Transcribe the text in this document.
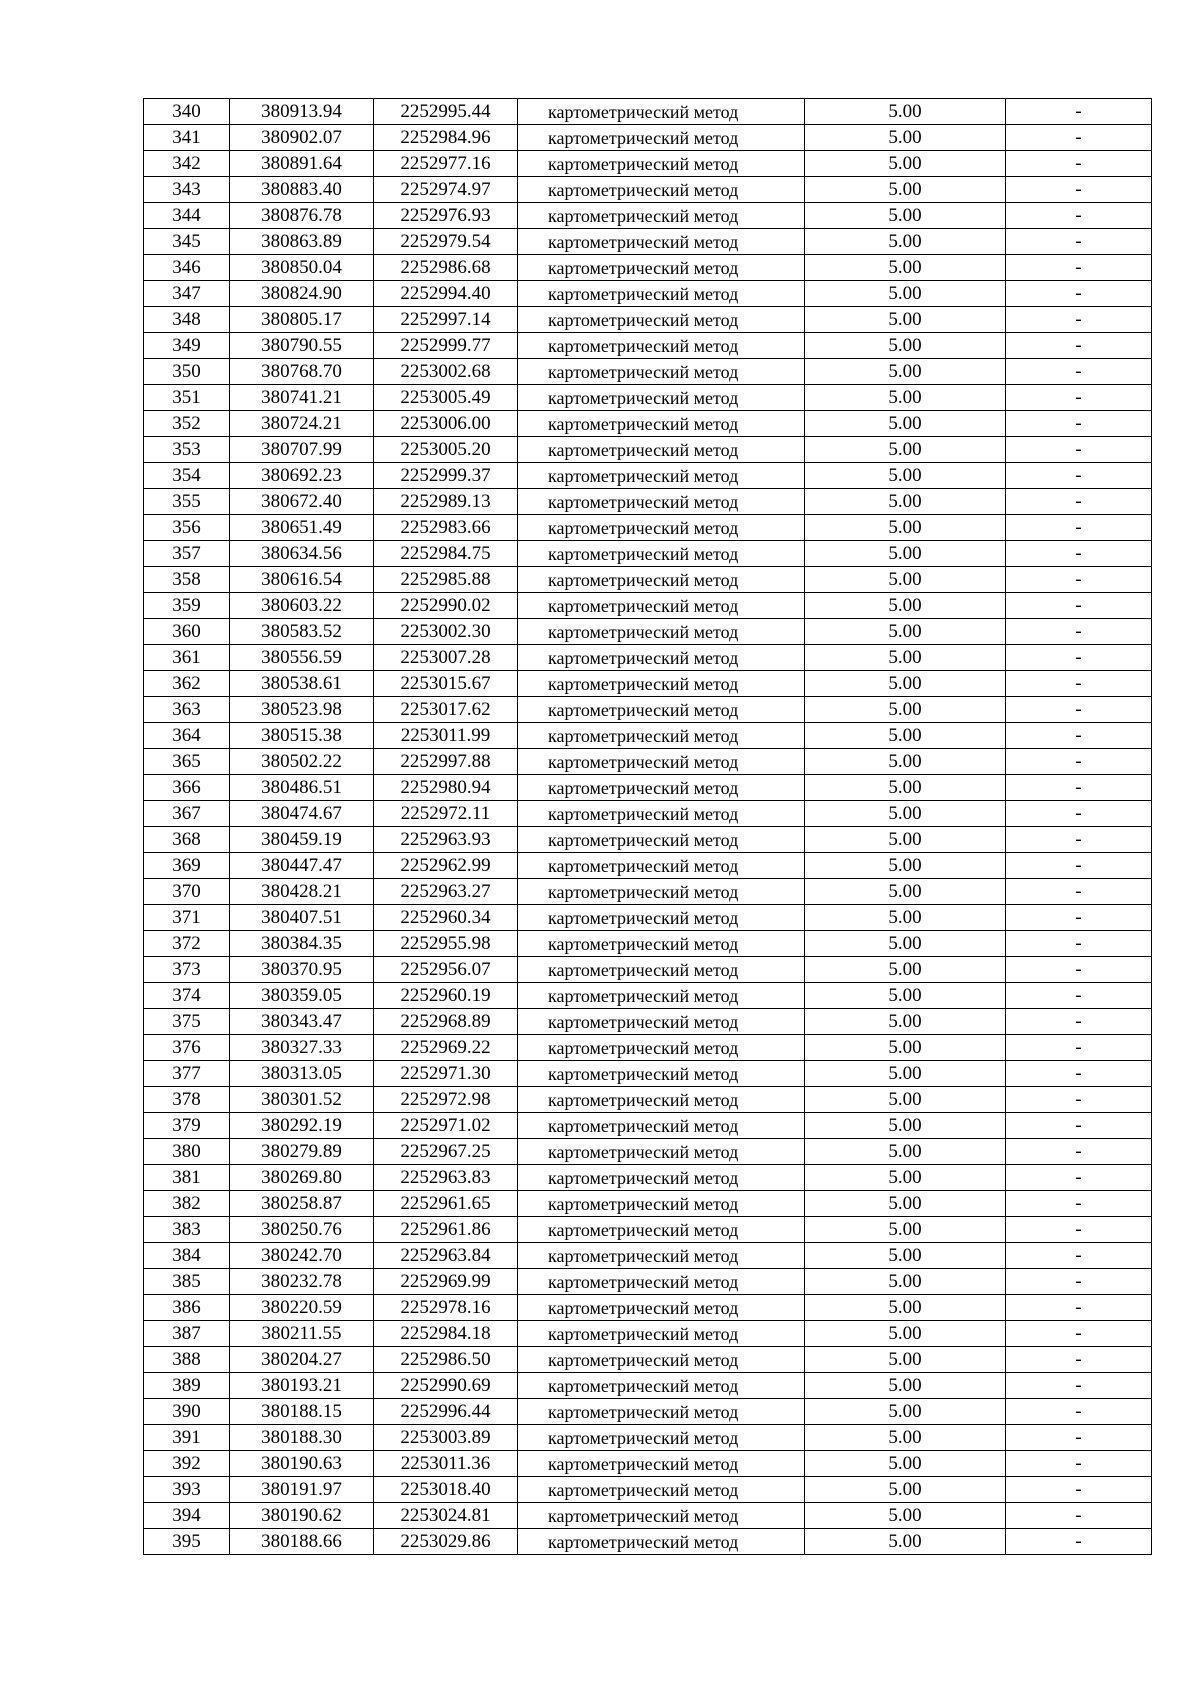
340	380913.94	2252995.44	картометрический метод	5.00	-
341	380902.07	2252984.96	картометрический метод	5.00	-
342	380891.64	2252977.16	картометрический метод	5.00	-
343	380883.40	2252974.97	картометрический метод	5.00	-
344	380876.78	2252976.93	картометрический метод	5.00	-
345	380863.89	2252979.54	картометрический метод	5.00	-
346	380850.04	2252986.68	картометрический метод	5.00	-
347	380824.90	2252994.40	картометрический метод	5.00	-
348	380805.17	2252997.14	картометрический метод	5.00	-
349	380790.55	2252999.77	картометрический метод	5.00	-
350	380768.70	2253002.68	картометрический метод	5.00	-
351	380741.21	2253005.49	картометрический метод	5.00	-
352	380724.21	2253006.00	картометрический метод	5.00	-
353	380707.99	2253005.20	картометрический метод	5.00	-
354	380692.23	2252999.37	картометрический метод	5.00	-
355	380672.40	2252989.13	картометрический метод	5.00	-
356	380651.49	2252983.66	картометрический метод	5.00	-
357	380634.56	2252984.75	картометрический метод	5.00	-
358	380616.54	2252985.88	картометрический метод	5.00	-
359	380603.22	2252990.02	картометрический метод	5.00	-
360	380583.52	2253002.30	картометрический метод	5.00	-
361	380556.59	2253007.28	картометрический метод	5.00	-
362	380538.61	2253015.67	картометрический метод	5.00	-
363	380523.98	2253017.62	картометрический метод	5.00	-
364	380515.38	2253011.99	картометрический метод	5.00	-
365	380502.22	2252997.88	картометрический метод	5.00	-
366	380486.51	2252980.94	картометрический метод	5.00	-
367	380474.67	2252972.11	картометрический метод	5.00	-
368	380459.19	2252963.93	картометрический метод	5.00	-
369	380447.47	2252962.99	картометрический метод	5.00	-
370	380428.21	2252963.27	картометрический метод	5.00	-
371	380407.51	2252960.34	картометрический метод	5.00	-
372	380384.35	2252955.98	картометрический метод	5.00	-
373	380370.95	2252956.07	картометрический метод	5.00	-
374	380359.05	2252960.19	картометрический метод	5.00	-
375	380343.47	2252968.89	картометрический метод	5.00	-
376	380327.33	2252969.22	картометрический метод	5.00	-
377	380313.05	2252971.30	картометрический метод	5.00	-
378	380301.52	2252972.98	картометрический метод	5.00	-
379	380292.19	2252971.02	картометрический метод	5.00	-
380	380279.89	2252967.25	картометрический метод	5.00	-
381	380269.80	2252963.83	картометрический метод	5.00	-
382	380258.87	2252961.65	картометрический метод	5.00	-
383	380250.76	2252961.86	картометрический метод	5.00	-
384	380242.70	2252963.84	картометрический метод	5.00	-
385	380232.78	2252969.99	картометрический метод	5.00	-
386	380220.59	2252978.16	картометрический метод	5.00	-
387	380211.55	2252984.18	картометрический метод	5.00	-
388	380204.27	2252986.50	картометрический метод	5.00	-
389	380193.21	2252990.69	картометрический метод	5.00	-
390	380188.15	2252996.44	картометрический метод	5.00	-
391	380188.30	2253003.89	картометрический метод	5.00	-
392	380190.63	2253011.36	картометрический метод	5.00	-
393	380191.97	2253018.40	картометрический метод	5.00	-
394	380190.62	2253024.81	картометрический метод	5.00	-
395	380188.66	2253029.86	картометрический метод	5.00	-
